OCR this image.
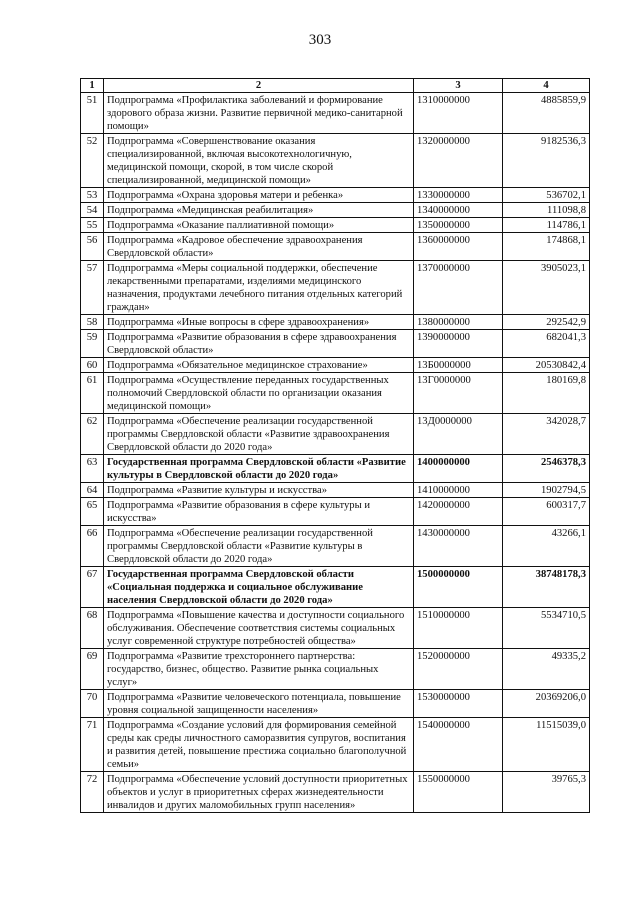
303
1	2	3	4
51	Подпрограмма «Профилактика заболеваний и формирование здорового образа жизни. Развитие первичной медико-санитарной помощи»	1310000000	4885859,9
52	Подпрограмма «Совершенствование оказания специализированной, включая высокотехнологичную, медицинской помощи, скорой, в том числе скорой специализированной, медицинской помощи»	1320000000	9182536,3
53	Подпрограмма «Охрана здоровья матери и ребенка»	1330000000	536702,1
54	Подпрограмма «Медицинская реабилитация»	1340000000	111098,8
55	Подпрограмма «Оказание паллиативной помощи»	1350000000	114786,1
56	Подпрограмма «Кадровое обеспечение здравоохранения Свердловской области»	1360000000	174868,1
57	Подпрограмма «Меры социальной поддержки, обеспечение лекарственными препаратами, изделиями медицинского назначения, продуктами лечебного питания отдельных категорий граждан»	1370000000	3905023,1
58	Подпрограмма «Иные вопросы в сфере здравоохранения»	1380000000	292542,9
59	Подпрограмма «Развитие образования в сфере здравоохранения Свердловской области»	1390000000	682041,3
60	Подпрограмма «Обязательное медицинское страхование»	13Б0000000	20530842,4
61	Подпрограмма «Осуществление переданных государственных полномочий Свердловской области по организации оказания медицинской помощи»	13Г0000000	180169,8
62	Подпрограмма «Обеспечение реализации государственной программы Свердловской области «Развитие здравоохранения Свердловской области до 2020 года»	13Д0000000	342028,7
63	Государственная программа Свердловской области «Развитие культуры в Свердловской области до 2020 года»	1400000000	2546378,3
64	Подпрограмма «Развитие культуры и искусства»	1410000000	1902794,5
65	Подпрограмма «Развитие образования в сфере культуры и искусства»	1420000000	600317,7
66	Подпрограмма «Обеспечение реализации государственной программы Свердловской области «Развитие культуры в Свердловской области до 2020 года»	1430000000	43266,1
67	Государственная программа Свердловской области «Социальная поддержка и социальное обслуживание населения Свердловской области до 2020 года»	1500000000	38748178,3
68	Подпрограмма «Повышение качества и доступности социального обслуживания. Обеспечение соответствия системы социальных услуг современной структуре потребностей общества»	1510000000	5534710,5
69	Подпрограмма «Развитие трехстороннего партнерства: государство, бизнес, общество. Развитие рынка социальных услуг»	1520000000	49335,2
70	Подпрограмма «Развитие человеческого потенциала, повышение уровня социальной защищенности населения»	1530000000	20369206,0
71	Подпрограмма «Создание условий для формирования семейной среды как среды личностного саморазвития супругов, воспитания и развития детей, повышение престижа социально благополучной семьи»	1540000000	11515039,0
72	Подпрограмма «Обеспечение условий доступности приоритетных объектов и услуг в приоритетных сферах жизнедеятельности инвалидов и других маломобильных групп населения»	1550000000	39765,3
